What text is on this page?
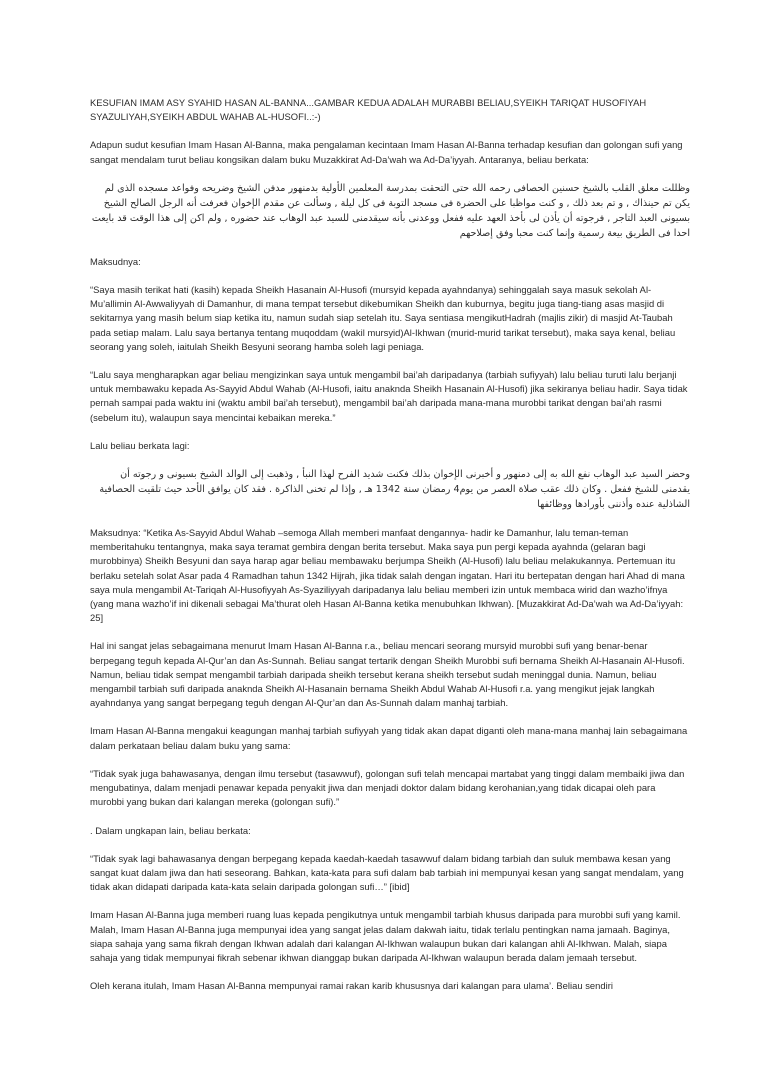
KESUFIAN IMAM ASY SYAHID HASAN AL-BANNA...GAMBAR KEDUA ADALAH MURABBI BELIAU,SYEIKH TARIQAT HUSOFIYAH SYAZULIYAH,SYEIKH ABDUL WAHAB AL-HUSOFI..:-)

Adapun sudut kesufian Imam Hasan Al-Banna, maka pengalaman kecintaan Imam Hasan Al-Banna terhadap kesufian dan golongan sufi yang sangat mendalam turut beliau kongsikan dalam buku Muzakkirat Ad-Da’wah wa Ad-Da’iyyah. Antaranya, beliau berkata:

وظللت معلق القلب بالشيخ حسنين الحصافى رحمه الله حتى التحقت بمدرسة المعلمين الأولية بدمنهور مدفن الشيخ وضريحه وفواعد مسجده الذى لم يكن تم حينذاك , و تم بعد ذلك , و كنت مواظبا على الحضرة فى مسجد التوبة فى كل ليلة , وسألت عن مقدم الإخوان فعرفت أنه الرجل الصالح الشيخ بسيونى العبد التاجر , فرجوته أن يأذن لى بأخذ العهد عليه ففعل ووعدنى بأنه سيقدمنى للسيد عبد الوهاب عند حضوره , ولم اكن إلى هذا الوقت قد بايعت احدا فى الطريق بيعة رسمية وإنما كنت محبا وفق إصلاحهم

Maksudnya:

“Saya masih terikat hati (kasih) kepada Sheikh Hasanain Al-Husofi (mursyid kepada ayahndanya) sehinggalah saya masuk sekolah Al-Mu’allimin Al-Awwaliyyah di Damanhur, di mana tempat tersebut dikebumikan Sheikh dan kuburnya, begitu juga tiang-tiang asas masjid di sekitarnya yang masih belum siap ketika itu, namun sudah siap setelah itu. Saya sentiasa mengikutHadrah (majlis zikir) di masjid At-Taubah pada setiap malam. Lalu saya bertanya tentang muqoddam (wakil mursyid)Al-Ikhwan (murid-murid tarikat tersebut), maka saya kenal, beliau seorang yang soleh, iaitulah Sheikh Besyuni seorang hamba soleh lagi peniaga.

“Lalu saya mengharapkan agar beliau mengizinkan saya untuk mengambil bai’ah daripadanya (tarbiah sufiyyah) lalu beliau turuti lalu berjanji untuk membawaku kepada As-Sayyid Abdul Wahab (Al-Husofi, iaitu anaknda Sheikh Hasanain Al-Husofi) jika sekiranya beliau hadir. Saya tidak pernah sampai pada waktu ini (waktu ambil bai’ah tersebut), mengambil bai’ah daripada mana-mana murobbi tarikat dengan bai’ah rasmi (sebelum itu), walaupun saya mencintai kebaikan mereka.”

Lalu beliau berkata lagi:

وحضر السيد عبد الوهاب نفع الله به إلى دمنهور و أخبرنى الإخوان بذلك فكنت شديد الفرح لهذا النبأ , وذهبت إلى الوالد الشيخ بسيونى و رجوته أن يقدمنى للشيخ ففعل . وكان ذلك عقب صلاة العصر من يوم4 رمضان سنة 1342 هـ , وإذا لم تخنى الذاكرة . فقد كان يوافق الأحد حيث تلقيت الحصافية الشاذلية عنده وأذننى بأورادها ووظائفها

Maksudnya: “Ketika As-Sayyid Abdul Wahab –semoga Allah memberi manfaat dengannya- hadir ke Damanhur, lalu teman-teman memberitahuku tentangnya, maka saya teramat gembira dengan berita tersebut. Maka saya pun pergi kepada ayahnda (gelaran bagi murobbinya) Sheikh Besyuni dan saya harap agar beliau membawaku berjumpa Sheikh (Al-Husofi) lalu beliau melakukannya. Pertemuan itu berlaku setelah solat Asar pada 4 Ramadhan tahun 1342 Hijrah, jika tidak salah dengan ingatan. Hari itu bertepatan dengan hari Ahad di mana saya mula mengambil At-Tariqah Al-Husofiyyah As-Syaziliyyah daripadanya lalu beliau memberi izin untuk membaca wirid dan wazho’ifnya (yang mana wazho’if ini dikenali sebagai Ma’thurat oleh Hasan Al-Banna ketika menubuhkan Ikhwan). [Muzakkirat Ad-Da’wah wa Ad-Da’iyyah: 25]

Hal ini sangat jelas sebagaimana menurut Imam Hasan Al-Banna r.a., beliau mencari seorang mursyid murobbi sufi yang benar-benar berpegang teguh kepada Al-Qur’an dan As-Sunnah. Beliau sangat tertarik dengan Sheikh Murobbi sufi bernama Sheikh Al-Hasanain Al-Husofi. Namun, beliau tidak sempat mengambil tarbiah daripada sheikh tersebut kerana sheikh tersebut sudah meninggal dunia. Namun, beliau mengambil tarbiah sufi daripada anaknda Sheikh Al-Hasanain bernama Sheikh Abdul Wahab Al-Husofi r.a. yang mengikut jejak langkah ayahndanya yang sangat berpegang teguh dengan Al-Qur’an dan As-Sunnah dalam manhaj tarbiah.

Imam Hasan Al-Banna mengakui keagungan manhaj tarbiah sufiyyah yang tidak akan dapat diganti oleh mana-mana manhaj lain sebagaimana dalam perkataan beliau dalam buku yang sama:

“Tidak syak juga bahawasanya, dengan ilmu tersebut (tasawwuf), golongan sufi telah mencapai martabat yang tinggi dalam membaiki jiwa dan mengubatinya, dalam menjadi penawar kepada penyakit jiwa dan menjadi doktor dalam bidang kerohanian,yang tidak dicapai oleh para murobbi yang bukan dari kalangan mereka (golongan sufi).”

. Dalam ungkapan lain, beliau berkata:

“Tidak syak lagi bahawasanya dengan berpegang kepada kaedah-kaedah tasawwuf dalam bidang tarbiah dan suluk membawa kesan yang sangat kuat dalam jiwa dan hati seseorang. Bahkan, kata-kata para sufi dalam bab tarbiah ini mempunyai kesan yang sangat mendalam, yang tidak akan didapati daripada kata-kata selain daripada golongan sufi…” [ibid]

Imam Hasan Al-Banna juga memberi ruang luas kepada pengikutnya untuk mengambil tarbiah khusus daripada para murobbi sufi yang kamil. Malah, Imam Hasan Al-Banna juga mempunyai idea yang sangat jelas dalam dakwah iaitu, tidak terlalu pentingkan nama jamaah. Baginya, siapa sahaja yang sama fikrah dengan Ikhwan adalah dari kalangan Al-Ikhwan walaupun bukan dari kalangan ahli Al-Ikhwan. Malah, siapa sahaja yang tidak mempunyai fikrah sebenar ikhwan dianggap bukan daripada Al-Ikhwan walaupun berada dalam jemaah tersebut.

Oleh kerana itulah, Imam Hasan Al-Banna mempunyai ramai rakan karib khususnya dari kalangan para ulama’. Beliau sendiri
